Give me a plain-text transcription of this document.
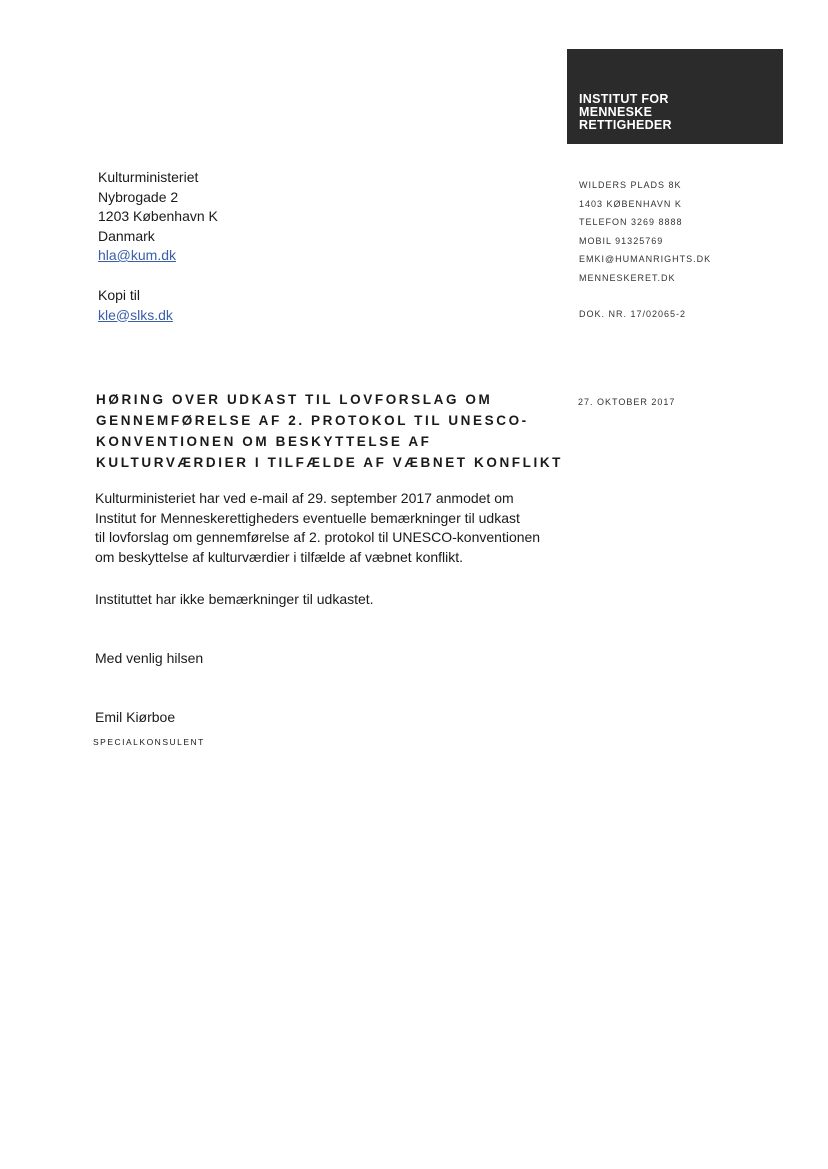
INSTITUT FOR
MENNESKE
RETTIGHEDER

Kulturministeriet
Nybrogade 2
1203 København K
Danmark
hla@kum.dk
Kopi til
kle@slks.dk
WILDERS PLADS 8K
1403 KØBENHAVN K
TELEFON 3269 8888
MOBIL 91325769
EMKI@HUMANRIGHTS.DK
MENNESKERET.DK
DOK. NR. 17/02065-2
27. OKTOBER 2017
HØRING OVER UDKAST TIL LOVFORSLAG OM
GENNEMFØRELSE AF 2. PROTOKOL TIL UNESCO-
KONVENTIONEN OM BESKYTTELSE AF
KULTURVÆRDIER I TILFÆLDE AF VÆBNET KONFLIKT

Kulturministeriet har ved e-mail af 29. september 2017 anmodet om
Institut for Menneskerettigheders eventuelle bemærkninger til udkast
til lovforslag om gennemførelse af 2. protokol til UNESCO-konventionen
om beskyttelse af kulturværdier i tilfælde af væbnet konflikt.

Instituttet har ikke bemærkninger til udkastet.

Med venlig hilsen
Emil Kiørboe
SPECIALKONSULENT
